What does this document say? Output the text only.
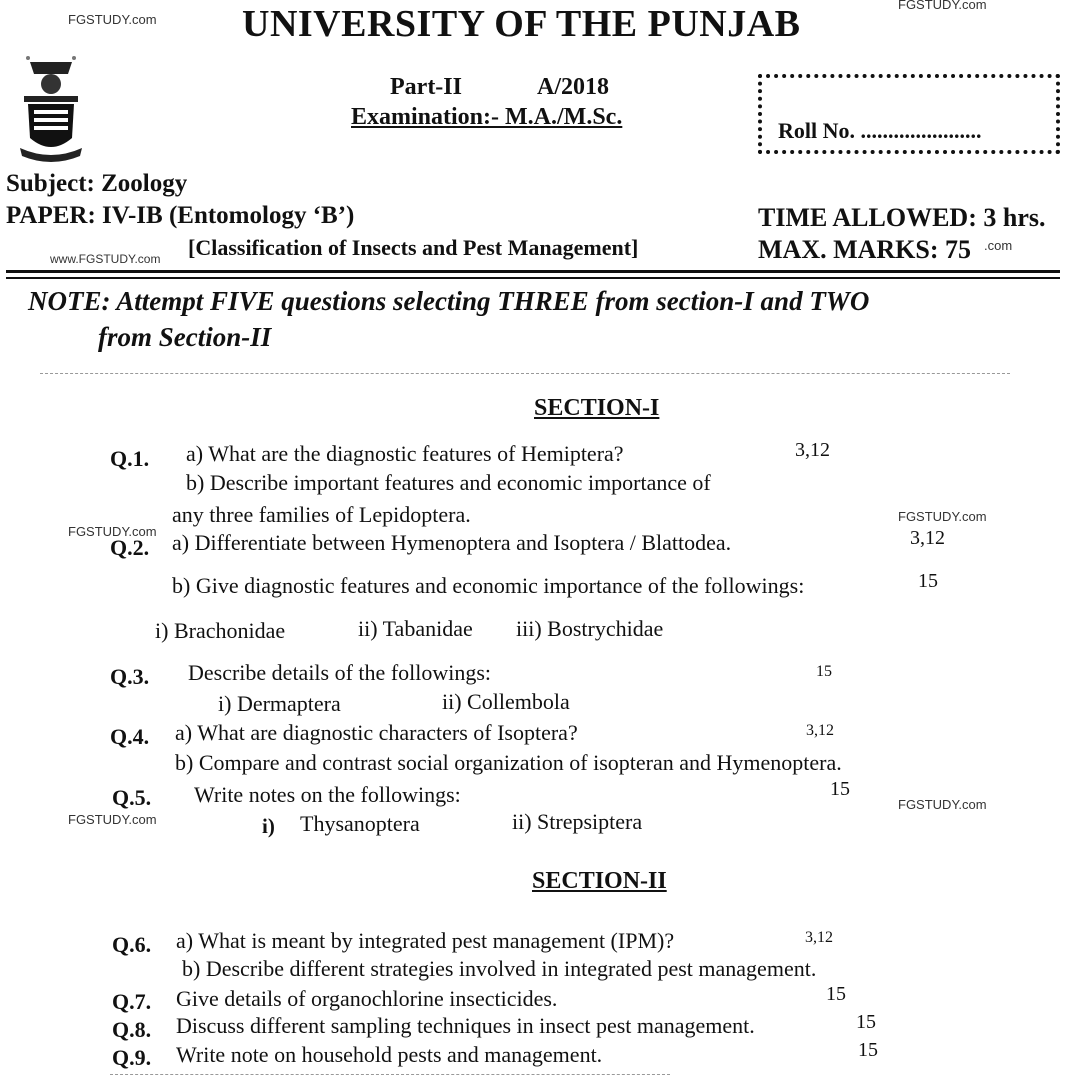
FGSTUDY.com
FGSTUDY.com
www.FGSTUDY.com
FGSTUDY.com
FGSTUDY.com
FGSTUDY.com
FGSTUDY.com
.com
UNIVERSITY OF THE PUNJAB
Part-II	A/2018
Examination:- M.A./M.Sc.
Roll No. ......................
Subject: Zoology
PAPER: IV-IB (Entomology ‘B’)
[Classification of Insects and Pest Management]
TIME ALLOWED: 3 hrs.
MAX. MARKS: 75
NOTE: Attempt FIVE questions selecting THREE from section-I and TWO
from Section-II
SECTION-I
Q.1. a) What are the diagnostic features of Hemiptera?	3,12
b) Describe important features and economic importance of
any three families of Lepidoptera.
Q.2. a) Differentiate between Hymenoptera and Isoptera / Blattodea.	3,12
b) Give diagnostic features and economic importance of the followings:	15
i) Brachonidae	ii) Tabanidae iii) Bostrychidae
Q.3. Describe details of the followings:	15
i) Dermaptera	ii) Collembola
Q.4. a) What are diagnostic characters of Isoptera?	3,12
b) Compare and contrast social organization of isopteran and Hymenoptera.
Q.5. Write notes on the followings:	15
i) Thysanoptera	ii) Strepsiptera
SECTION-II
Q.6. a) What is meant by integrated pest management (IPM)?	3,12
b) Describe different strategies involved in integrated pest management.
Q.7. Give details of organochlorine insecticides.	15
Q.8. Discuss different sampling techniques in insect pest management.	15
Q.9. Write note on household pests and management.	15
